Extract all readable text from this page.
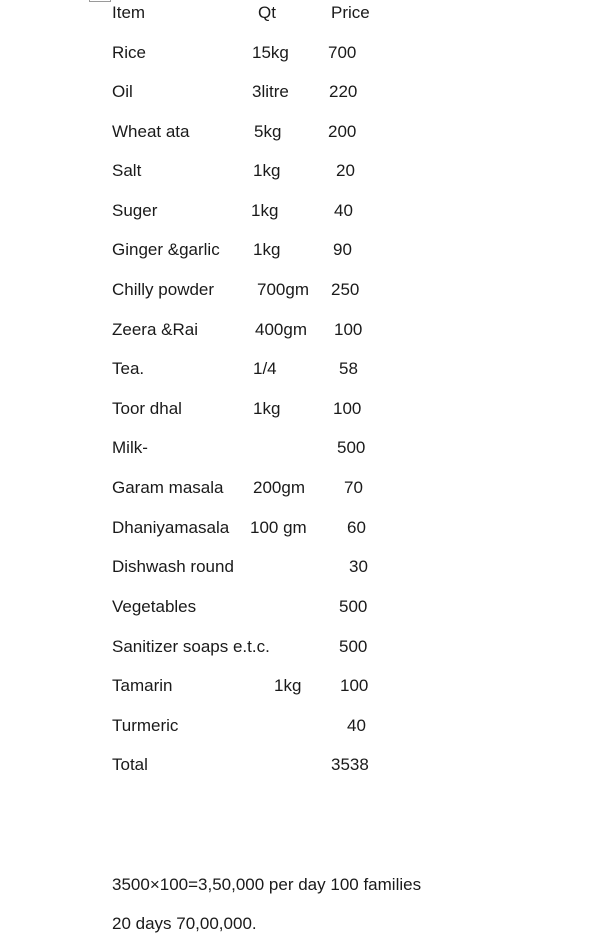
Item	Qt	Price
Rice	15kg 700
Oil	3litre 220
Wheat ata	5kg	200
Salt	1kg	20
Suger	1kg	40
Ginger &garlic 1kg	90
Chilly powder	700gm 250
Zeera &Rai	400gm 100
Tea.	1/4	58
Toor dhal	1kg	100
Milk-	500
Garam masala 200gm 70
Dhaniyamasala 100 gm 60
Dishwash round	30
Vegetables	500
Sanitizer soaps e.t.c.	500
Tamarin	1kg 100
Turmeric	40
Total	3538
3500×100=3,50,000 per day 100 families
20 days 70,00,000.
